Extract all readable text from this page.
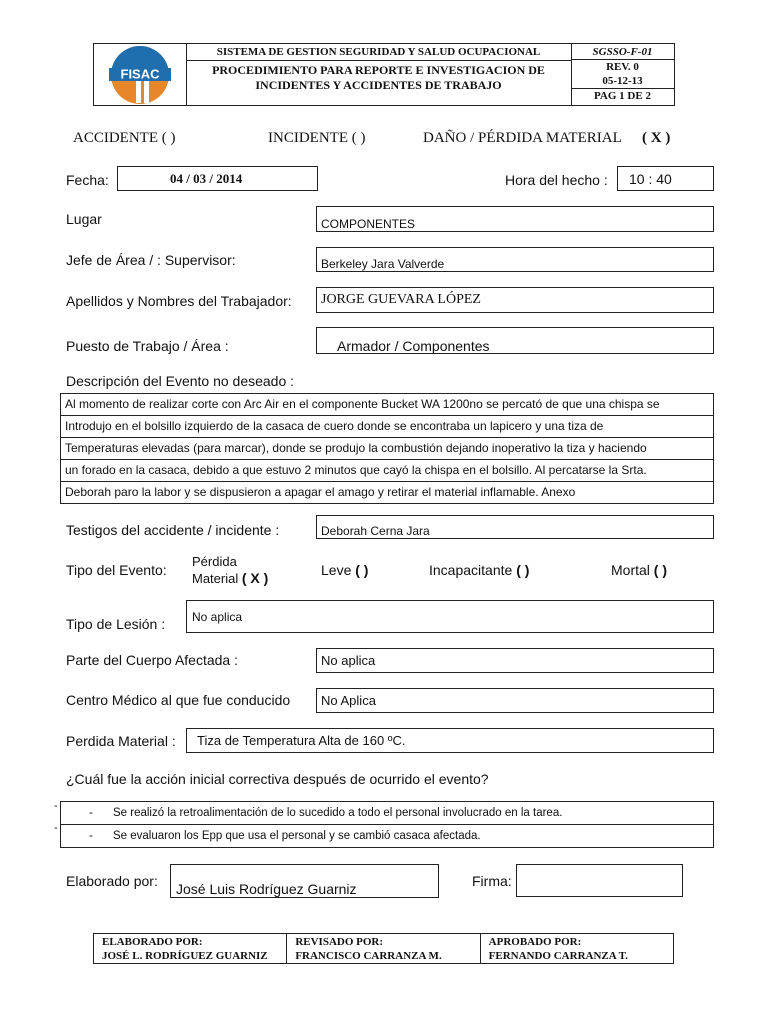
FISAC
SISTEMA DE GESTION SEGURIDAD Y SALUD OCUPACIONAL
PROCEDIMIENTO PARA REPORTE E INVESTIGACION DE
INCIDENTES Y ACCIDENTES DE TRABAJO
SGSSO-F-01
REV. 0
05-12-13
PAG 1 DE 2
ACCIDENTE ( )	INCIDENTE ( )	DAÑO / PÉRDIDA MATERIAL ( X )
Fecha:	04 / 03 / 2014	Hora del hecho : 10 : 40
Lugar	COMPONENTES
Jefe de Área / : Supervisor:	Berkeley Jara Valverde
Apellidos y Nombres del Trabajador: JORGE GUEVARA LÓPEZ
Puesto de Trabajo / Área :	Armador / Componentes
Descripción del Evento no deseado :
Al momento de realizar corte con Arc Air en el componente Bucket WA 1200no se percató de que una chispa se
Introdujo en el bolsillo izquierdo de la casaca de cuero donde se encontraba un lapicero y una tiza de
Temperaturas elevadas (para marcar), donde se produjo la combustión dejando inoperativo la tiza y haciendo
un forado en la casaca, debido a que estuvo 2 minutos que cayó la chispa en el bolsillo. Al percatarse la Srta.
Deborah paro la labor y se dispusieron a apagar el amago y retirar el material inflamable. Anexo
Testigos del accidente / incidente :	Deborah Cerna Jara
Tipo del Evento:
Pérdida
Material ( X )	Leve ( )	Incapacitante ( )	Mortal ( )
Tipo de Lesión : No aplica
Parte del Cuerpo Afectada :	No aplica
Centro Médico al que fue conducido No Aplica
Perdida Material : Tiza de Temperatura Alta de 160 ºC.
¿Cuál fue la acción inicial correctiva después de ocurrido el evento?
-
-
- Se realizó la retroalimentación de lo sucedido a todo el personal involucrado en la tarea.
- Se evaluaron los Epp que usa el personal y se cambió casaca afectada.
Elaborado por: José Luis Rodríguez Guarniz	Firma:
ELABORADO POR:
JOSÉ L. RODRÍGUEZ GUARNIZ
REVISADO POR:
FRANCISCO CARRANZA M.
APROBADO POR:
FERNANDO CARRANZA T.
